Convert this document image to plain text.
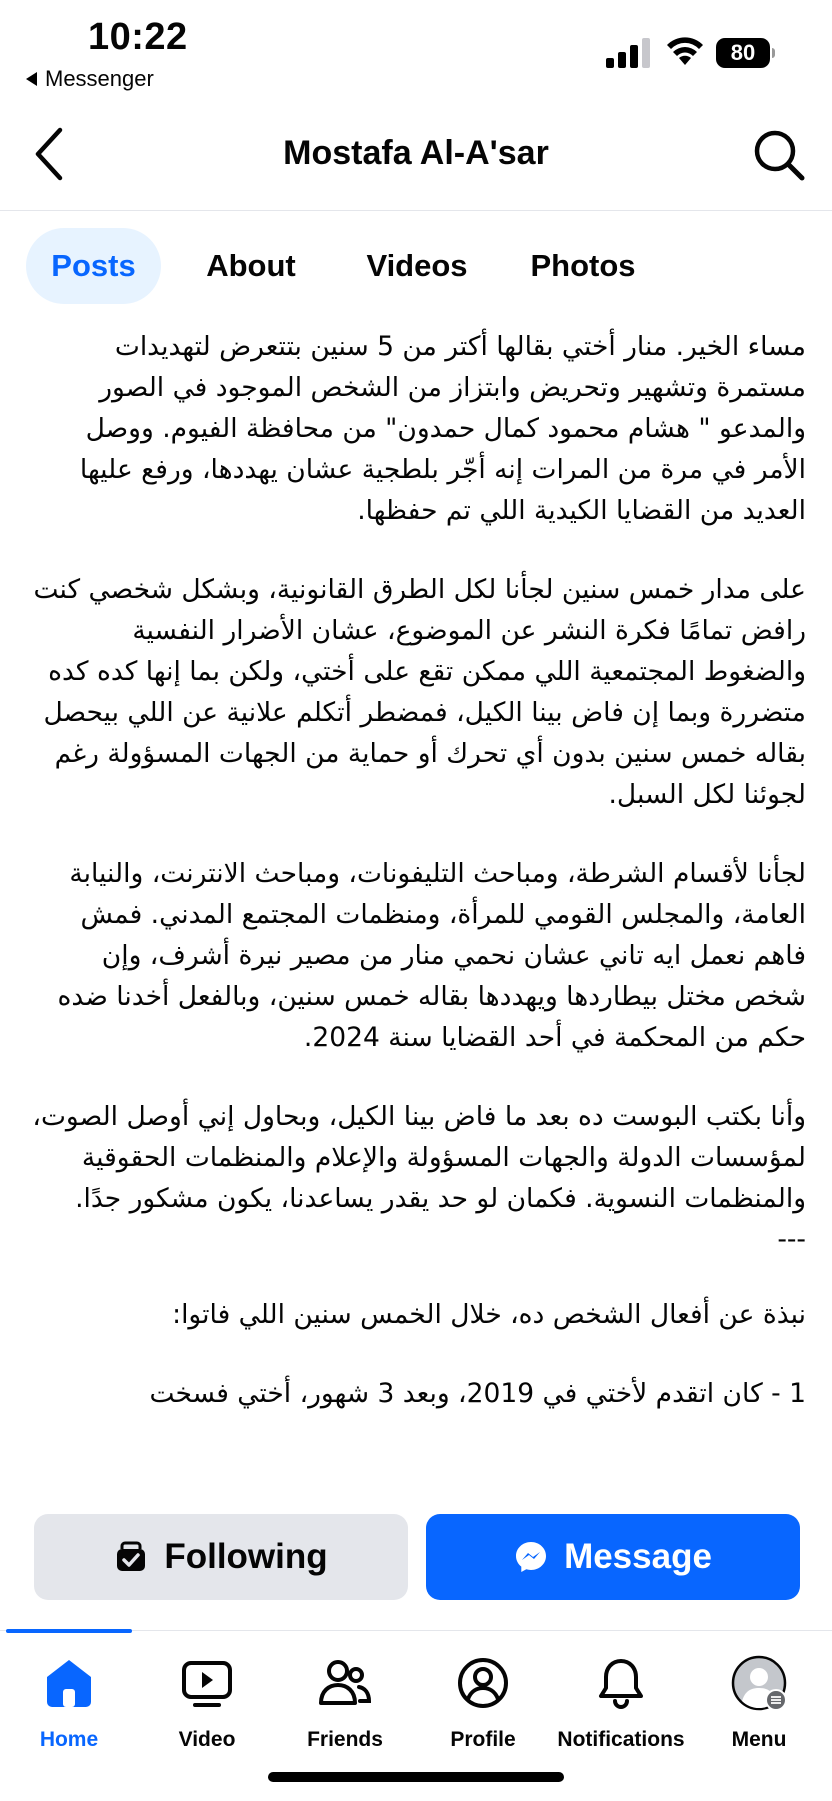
10:22
Messenger
80
Mostafa Al-A'sar
Posts	About	Videos	Photos

مساء الخير. منار أختي بقالها أكتر من 5 سنين بتتعرض لتهديدات مستمرة وتشهير وتحريض وابتزاز من الشخص الموجود في الصور والمدعو " هشام محمود كمال حمدون" من محافظة الفيوم. ووصل الأمر في مرة من المرات إنه أجّر بلطجية عشان يهددها، ورفع عليها العديد من القضايا الكيدية اللي تم حفظها.

على مدار خمس سنين لجأنا لكل الطرق القانونية، وبشكل شخصي كنت رافض تمامًا فكرة النشر عن الموضوع، عشان الأضرار النفسية والضغوط المجتمعية اللي ممكن تقع على أختي، ولكن بما إنها كده كده متضررة وبما إن فاض بينا الكيل، فمضطر أتكلم علانية عن اللي بيحصل بقاله خمس سنين بدون أي تحرك أو حماية من الجهات المسؤولة رغم لجوئنا لكل السبل.

لجأنا لأقسام الشرطة، ومباحث التليفونات، ومباحث الانترنت، والنيابة العامة، والمجلس القومي للمرأة، ومنظمات المجتمع المدني. فمش فاهم نعمل ايه تاني عشان نحمي منار من مصير نيرة أشرف، وإن شخص مختل بيطاردها ويهددها بقاله خمس سنين، وبالفعل أخدنا ضده حكم من المحكمة في أحد القضايا سنة 2024.

وأنا بكتب البوست ده بعد ما فاض بينا الكيل، وبحاول إني أوصل الصوت، لمؤسسات الدولة والجهات المسؤولة والإعلام والمنظمات الحقوقية والمنظمات النسوية. فكمان لو حد يقدر يساعدنا، يكون مشكور جدًا.

---

نبذة عن أفعال الشخص ده، خلال الخمس سنين اللي فاتوا:

1 - كان اتقدم لأختي في 2019، وبعد 3 شهور، أختي فسخت

Following	Message
Home	Video	Friends	Profile	Notifications	Menu
